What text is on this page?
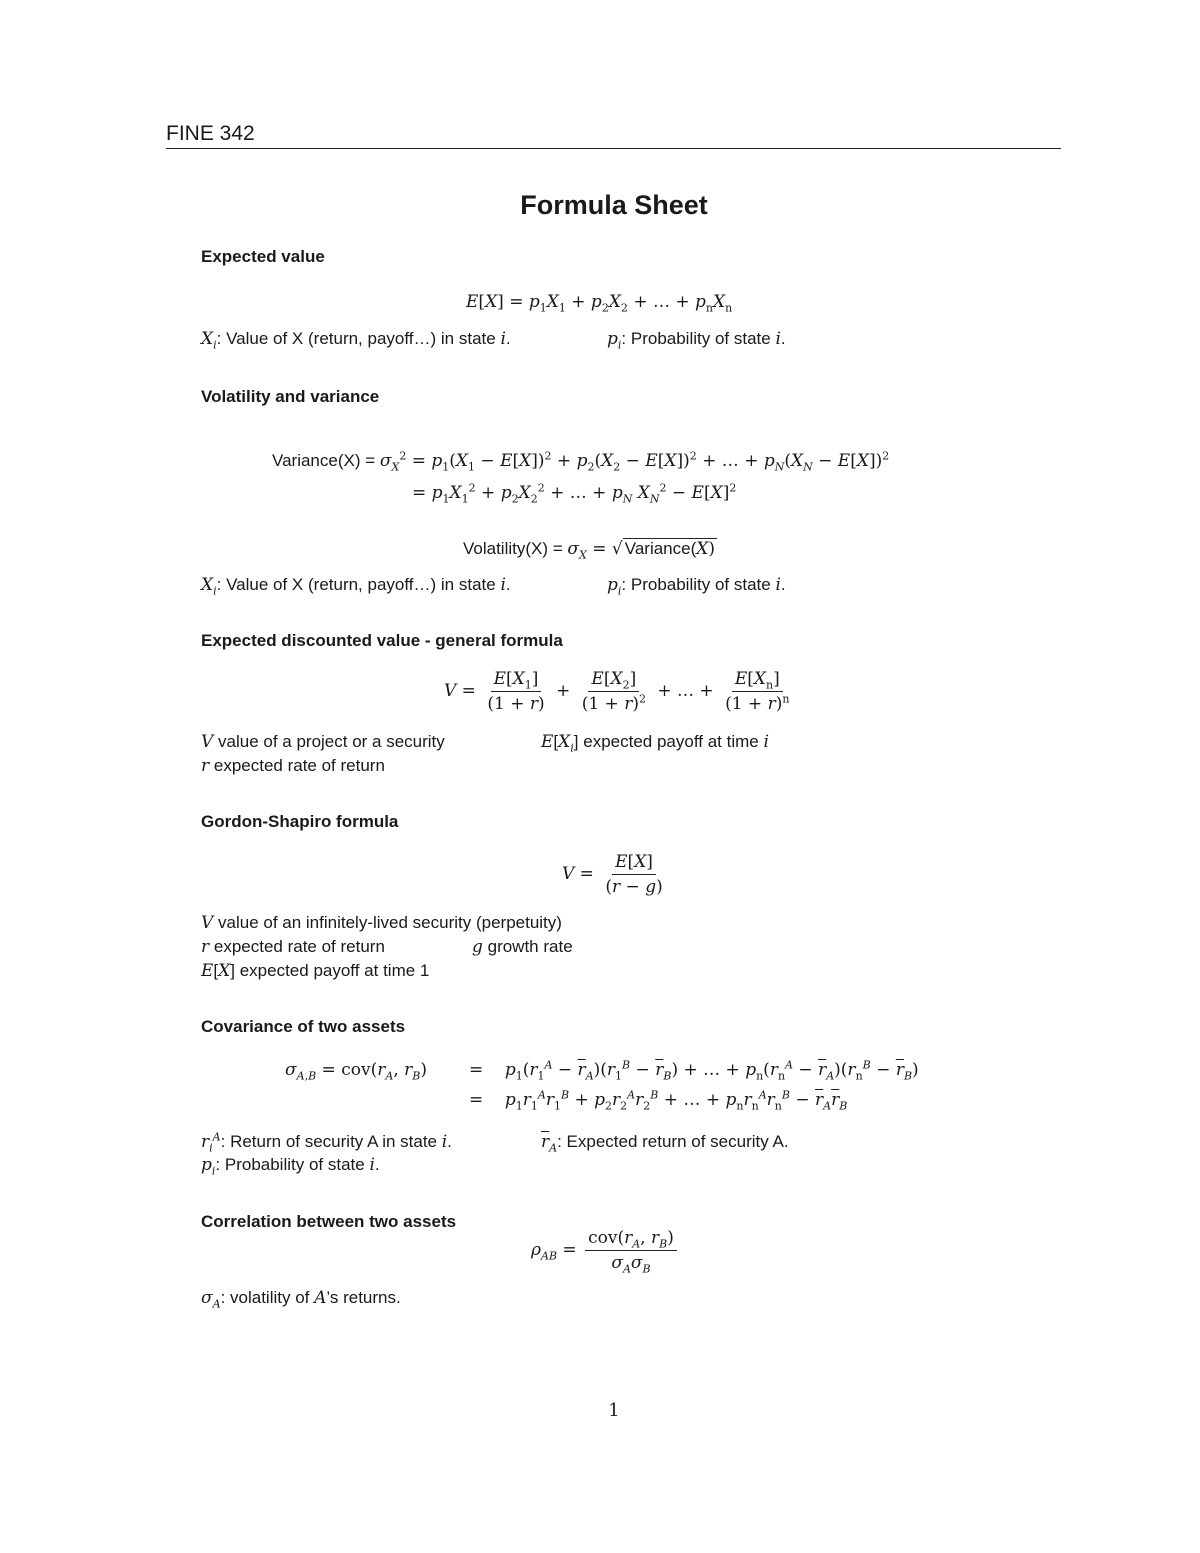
FINE 342
Formula Sheet
Expected value
$E[X] = p_1X_1 + p_2X_2$ + … + $p_nX_n$
$X_i$: Value of X (return, payoff…) in state i.	$p_i$: Probability of state i.
Volatility and variance
Variance(X) = $\sigma_X^2 = p_1(X_1 - E[X])^2 + p_2(X_2 - E[X])^2$ + … + $p_N(X_N - E[X])^2$
= $p_1X_1^2 + p_2X_2^2$ + … + $p_N$ $X_N^2 - E[X]^2$
Volatility(X) = $\sigma_X$ = √ Variance(X)
$X_i$: Value of X (return, payoff…) in state i.	$p_i$: Probability of state i.
Expected discounted value - general formula
$V = \frac{E[X_1]}{(1 + r)} + \frac{E[X_2]}{(1 + r)^2}$ + … + $\frac{E[X_n]}{(1 + r)^n}$
V value of a project or a security	$E[X_i]$ expected payoff at time i
r expected rate of return
Gordon-Shapiro formula
$V = \frac{E[X]}{(r - g)}$
V value of an infinitely-lived security (perpetuity)
r expected rate of return	g growth rate
E[X] expected payoff at time 1
Covariance of two assets
$\sigma_{A,B} = cov(r_A$, $r_B$) =    $p_1(r_1^A - \overline{r}_A)(r_1^B - \overline{r}_B)$ + … + $p_n(r_n^A - \overline{r}_A)(r_n^B - \overline{r}_B)$
=    $p_1r_1^Ar_1^B + p_2r_2^Ar_2^B$ + … + $p_nr_n^Ar_n^B - \overline{r}_A\overline{r}_B$
$r_i^A$: Return of security A in state i.	$\overline{r}_A$: Expected return of security A.
$p_i$: Probability of state i.
Correlation between two assets
$\rho_{AB} = \frac{cov(r_A, r_B)}{\sigma_A\sigma_B}$
$\sigma_A$: volatility of A’s returns.
1
